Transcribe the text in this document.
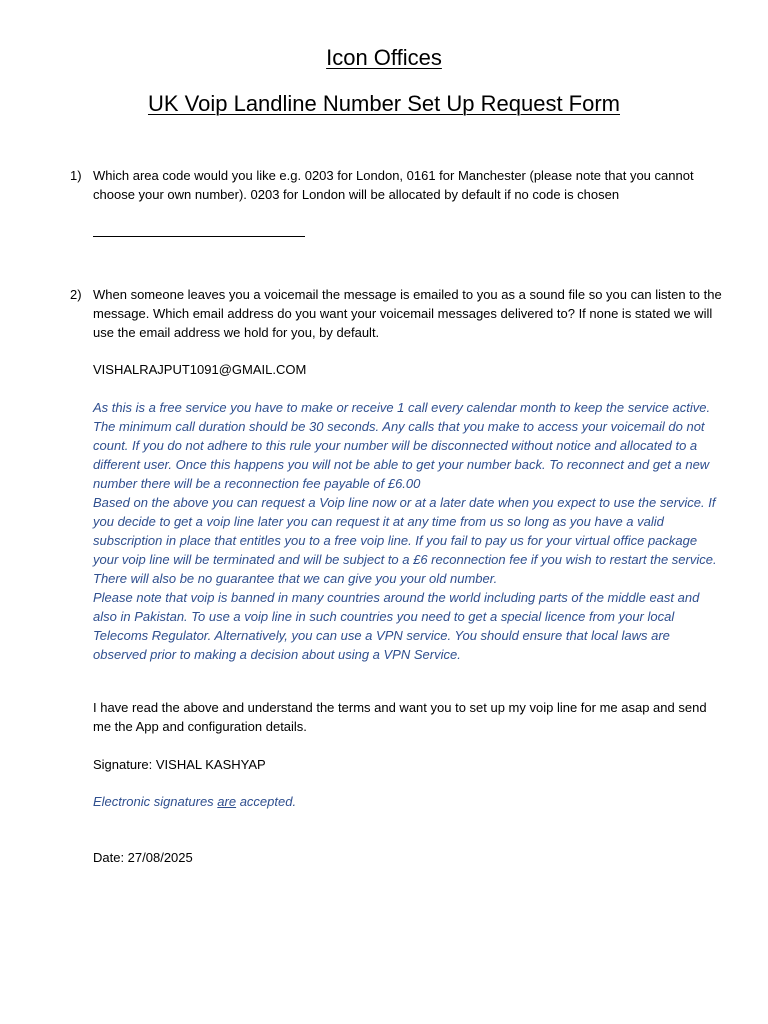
Icon Offices
UK Voip Landline Number Set Up Request Form
1) Which area code would you like e.g. 0203 for London, 0161 for Manchester (please note that you cannot choose your own number). 0203 for London will be allocated by default if no code is chosen

2) When someone leaves you a voicemail the message is emailed to you as a sound file so you can listen to the message. Which email address do you want your voicemail messages delivered to? If none is stated we will use the email address we hold for you, by default.

VISHALRAJPUT1091@GMAIL.COM

As this is a free service you have to make or receive 1 call every calendar month to keep the service active. The minimum call duration should be 30 seconds. Any calls that you make to access your voicemail do not count. If you do not adhere to this rule your number will be disconnected without notice and allocated to a different user. Once this happens you will not be able to get your number back. To reconnect and get a new number there will be a reconnection fee payable of £6.00

Based on the above you can request a Voip line now or at a later date when you expect to use the service. If you decide to get a voip line later you can request it at any time from us so long as you have a valid subscription in place that entitles you to a free voip line. If you fail to pay us for your virtual office package your voip line will be terminated and will be subject to a £6 reconnection fee if you wish to restart the service. There will also be no guarantee that we can give you your old number.

Please note that voip is banned in many countries around the world including parts of the middle east and also in Pakistan. To use a voip line in such countries you need to get a special licence from your local Telecoms Regulator. Alternatively, you can use a VPN service. You should ensure that local laws are observed prior to making a decision about using a VPN Service.

I have read the above and understand the terms and want you to set up my voip line for me asap and send me the App and configuration details.

Signature: VISHAL KASHYAP

Electronic signatures are accepted.

Date: 27/08/2025
